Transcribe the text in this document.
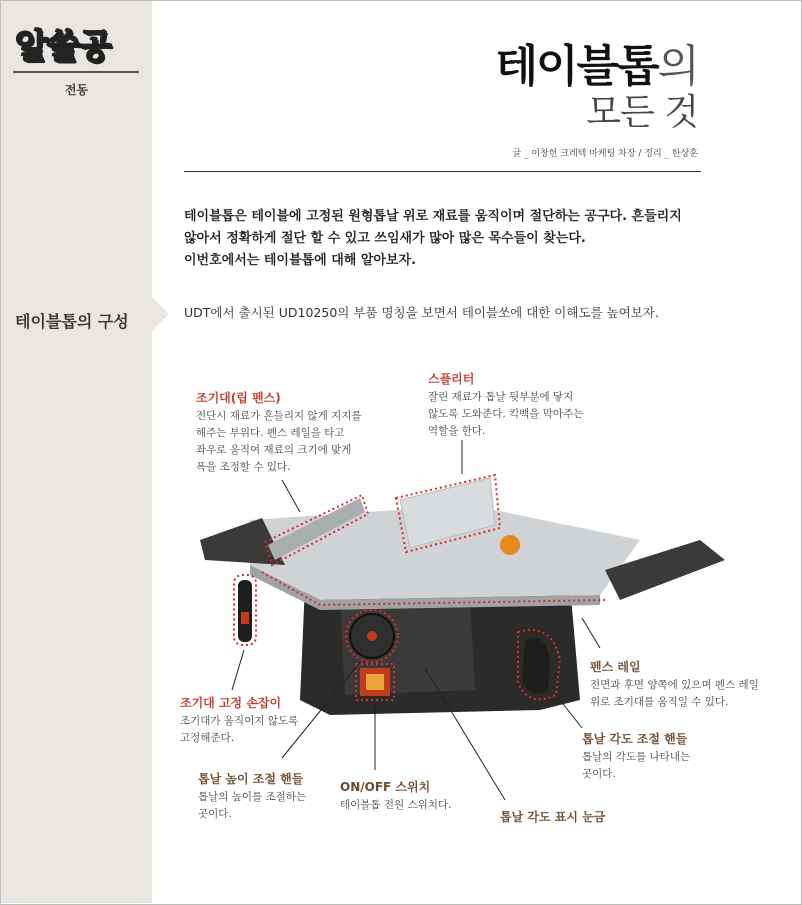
알쓸공
전동
테이블톱의 구성
테이블톱의
모든 것
글 _ 이창헌 크레텍 마케팅 차장 / 정리 _ 한상훈
테이블톱은 테이블에 고정된 원형톱날 위로 재료를 움직이며 절단하는 공구다. 흔들리지
않아서 정확하게 절단 할 수 있고 쓰임새가 많아 많은 목수들이 찾는다.
이번호에서는 테이블톱에 대해 알아보자.
UDT에서 출시된 UD10250의 부품 명칭을 보면서 테이블쏘에 대한 이해도를 높여보자.
조기대(립 펜스)
전단시 재료가 흔들리지 않게 지지를
해주는 부위다. 펜스 레일을 타고
좌우로 움직여 재료의 크기에 맞게
폭을 조정할 수 있다.
스플리터
잘린 재료가 톱날 뒷부분에 닿지
않도록 도와준다. 킥백을 막아주는
역할을 한다.
펜스 레일
전면과 후면 양쪽에 있으며 펜스 레일
위로 조기대를 움직일 수 있다.
조기대 고정 손잡이
조기대가 움직이지 않도록
고정해준다.	톱날 각도 조절 핸들
톱날의 각도를 나타내는
곳이다.
톱날 높이 조절 핸들
톱날의 높이를 조절하는
곳이다.
ON/OFF 스위치
테이블톱 전원 스위치다.
톱날 각도 표시 눈금
